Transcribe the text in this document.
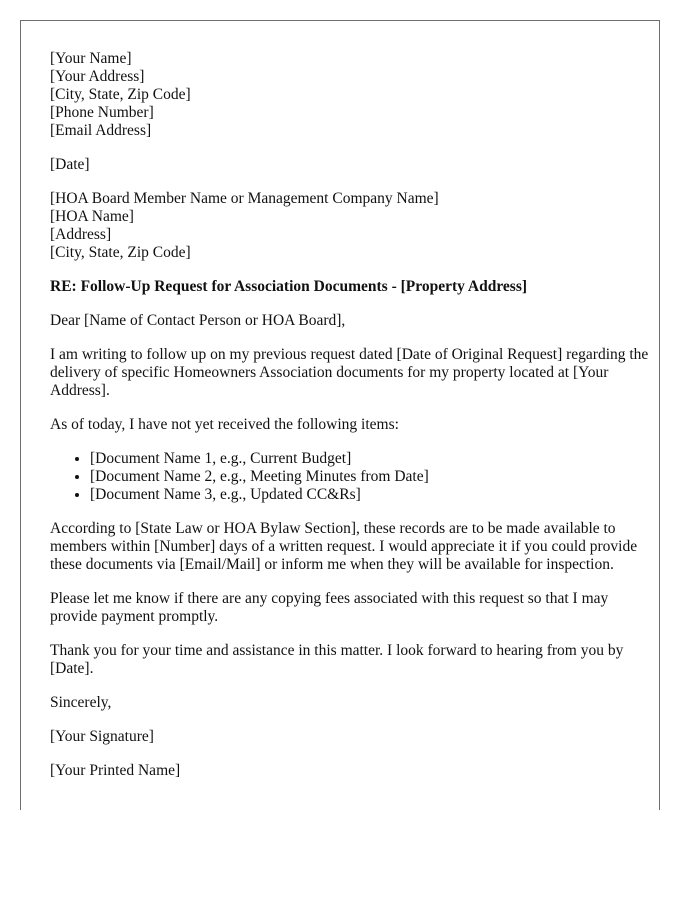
[Your Name]
[Your Address]
[City, State, Zip Code]
[Phone Number]
[Email Address]

[Date]

[HOA Board Member Name or Management Company Name]
[HOA Name]
[Address]
[City, State, Zip Code]

RE: Follow-Up Request for Association Documents - [Property Address]

Dear [Name of Contact Person or HOA Board],

I am writing to follow up on my previous request dated [Date of Original Request] regarding the delivery of specific Homeowners Association documents for my property located at [Your Address].

As of today, I have not yet received the following items:

• [Document Name 1, e.g., Current Budget]
• [Document Name 2, e.g., Meeting Minutes from Date]
• [Document Name 3, e.g., Updated CC&Rs]

According to [State Law or HOA Bylaw Section], these records are to be made available to members within [Number] days of a written request. I would appreciate it if you could provide these documents via [Email/Mail] or inform me when they will be available for inspection.

Please let me know if there are any copying fees associated with this request so that I may provide payment promptly.

Thank you for your time and assistance in this matter. I look forward to hearing from you by [Date].

Sincerely,

[Your Signature]

[Your Printed Name]
